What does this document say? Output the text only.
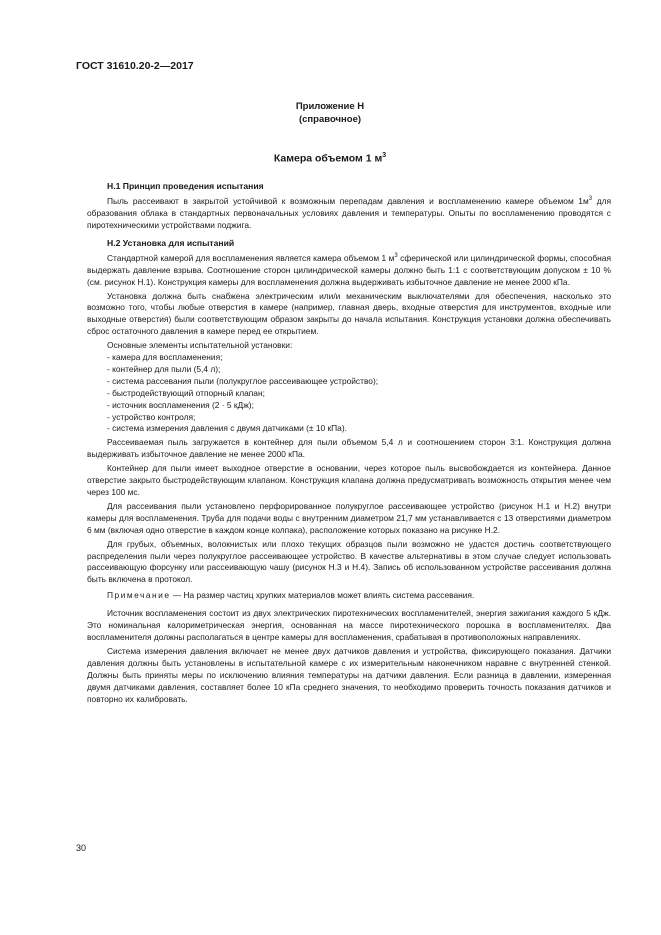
ГОСТ 31610.20-2—2017

Приложение Н

(справочное)

Камера объемом 1 $м^3$

Н.1 Принцип проведения испытания

Пыль рассеивают в закрытой устойчивой к возможным перепадам давления и воспламенению камере объемом $1м^3$ для образования облака в стандартных первоначальных условиях давления и температуры. Опыты по воспламенению проводятся с пиротехническими устройствами поджига.

Н.2 Установка для испытаний

Стандартной камерой для воспламенения является камера объемом 1 $м^3$ сферической или цилиндрической формы, способная выдержать давление взрыва. Соотношение сторон цилиндрической камеры должно быть 1:1 с соответствующим допуском ± 10 % (см. рисунок Н.1). Конструкция камеры для воспламенения должна выдерживать избыточное давление не менее 2000 кПа.

Установка должна быть снабжена электрическим или/и механическим выключателями для обеспечения, насколько это возможно того, чтобы любые отверстия в камере (например, главная дверь, входные отверстия для инструментов, входные или выходные отверстия) были соответствующим образом закрыты до начала испытания. Конструкция установки должна обеспечивать сброс остаточного давления в камере перед ее открытием.

Основные элементы испытательной установки:

- камера для воспламенения;

- контейнер для пыли (5,4 л);

- система рассевания пыли (полукруглое рассеивающее устройство);

- быстродействующий отпорный клапан;

- источник воспламенения (2 · 5 кДж);

- устройство контроля;

- система измерения давления с двумя датчиками (± 10 кПа).

Рассеиваемая пыль загружается в контейнер для пыли объемом 5,4 л и соотношением сторон 3:1. Конструкция должна выдерживать избыточное давление не менее 2000 кПа.

Контейнер для пыли имеет выходное отверстие в основании, через которое пыль высвобождается из контейнера. Данное отверстие закрыто быстродействующим клапаном. Конструкция клапана должна предусматривать возможность открытия менее чем через 100 мс.

Для рассеивания пыли установлено перфорированное полукруглое рассеивающее устройство (рисунок Н.1 и Н.2) внутри камеры для воспламенения. Труба для подачи воды с внутренним диаметром 21,7 мм устанавливается с 13 отверстиями диаметром 6 мм (включая одно отверстие в каждом конце колпака), расположение которых показано на рисунке Н.2.

Для грубых, объемных, волокнистых или плохо текущих образцов пыли возможно не удастся достичь соответствующего распределения пыли через полукруглое рассеивающее устройство. В качестве альтернативы в этом случае следует использовать рассеивающую форсунку или рассеивающую чашу (рисунок Н.3 и Н.4). Запись об использованном устройстве рассеивания должна быть включена в протокол.

Примечание — На размер частиц хрупких материалов может влиять система рассевания.

Источник воспламенения состоит из двух электрических пиротехнических воспламенителей, энергия зажигания каждого 5 кДж. Это номинальная калориметрическая энергия, основанная на массе пиротехнического порошка в воспламенителях. Два воспламенителя должны располагаться в центре камеры для воспламенения, срабатывая в противоположных направлениях.

Система измерения давления включает не менее двух датчиков давления и устройства, фиксирующего показания. Датчики давления должны быть установлены в испытательной камере с их измерительным наконечником наравне с внутренней стенкой. Должны быть приняты меры по исключению влияния температуры на датчики давления. Если разница в давлении, измеренная двумя датчиками давления, составляет более 10 кПа среднего значения, то необходимо проверить точность показания датчиков и повторно их калибровать.

30
